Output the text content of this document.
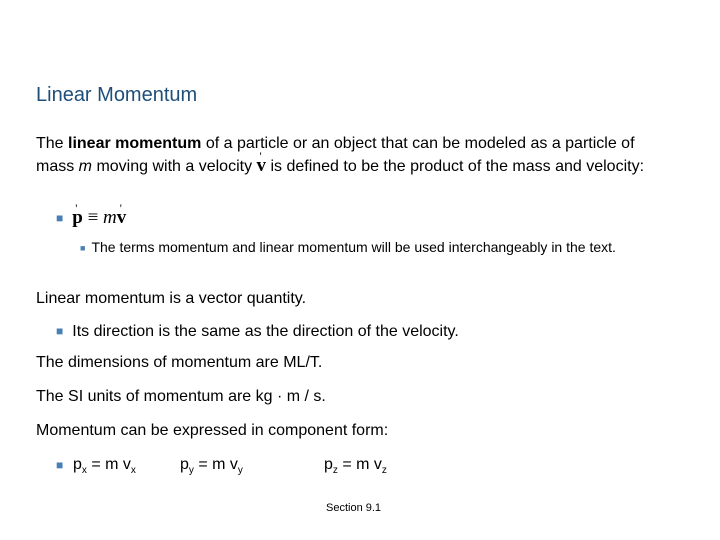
Linear Momentum
The linear momentum of a particle or an object that can be modeled as a particle of mass m moving with a velocity ' v is defined to be the product of the mass and velocity:
■' p ≡ m' v
■ The terms momentum and linear momentum will be used interchangeably in the text.
Linear momentum is a vector quantity.
■ Its direction is the same as the direction of the velocity.
The dimensions of momentum are ML/T.
The SI units of momentum are kg · m / s.
Momentum can be expressed in component form:
■ $p_x = m$ $v_x$	$p_y = m$ $v_y$	$p_z = m$ $v_z$
Section 9.1
